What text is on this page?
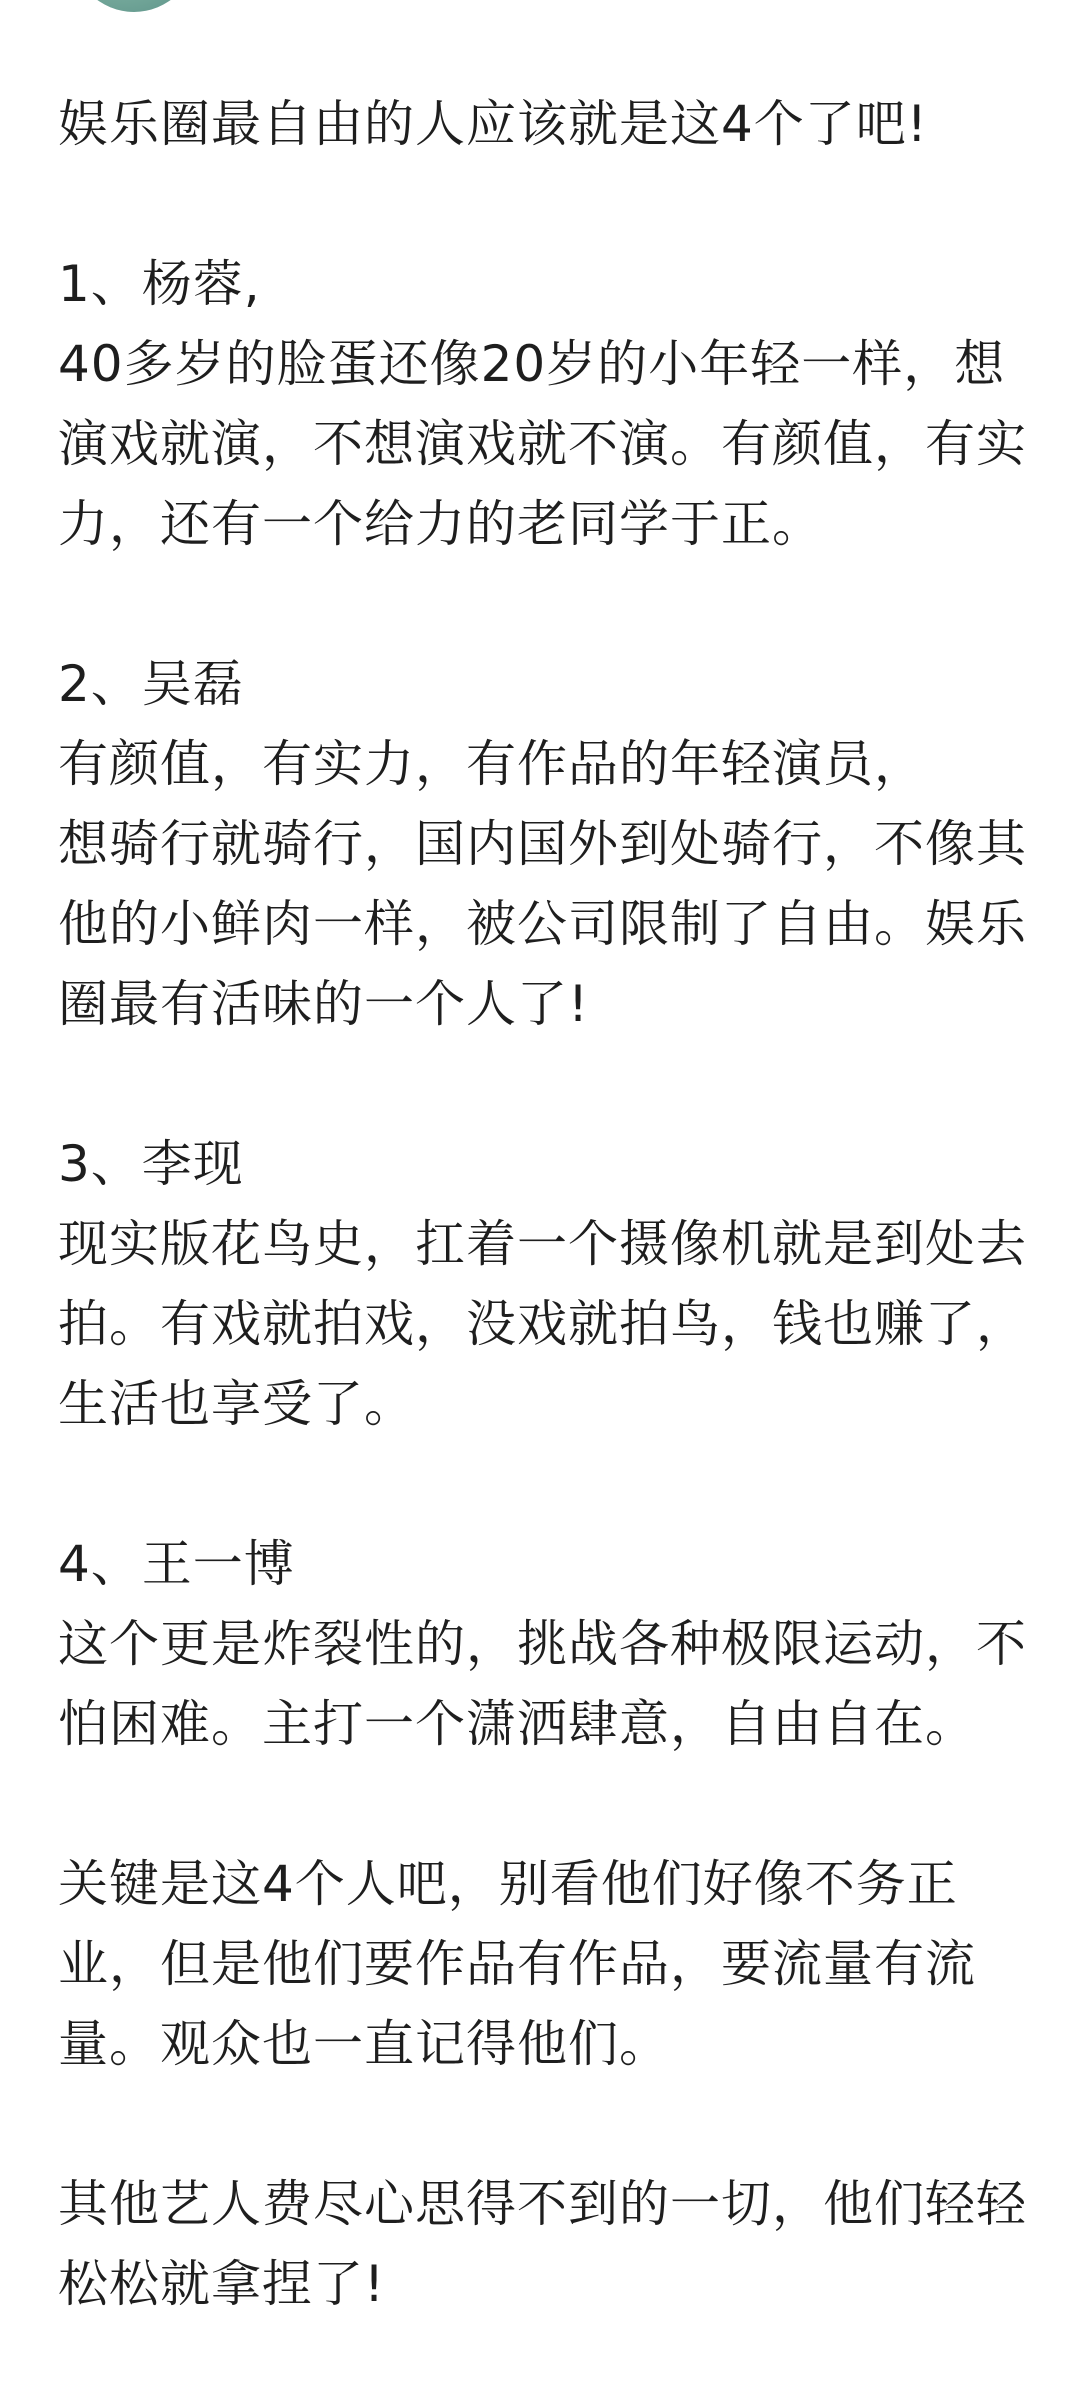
娱乐圈最自由的人应该就是这4个了吧!
1、杨蓉,
40多岁的脸蛋还像20岁的小年轻一样，想
演戏就演，不想演戏就不演。有颜值，有实
力，还有一个给力的老同学于正。
2、吴磊
有颜值，有实力，有作品的年轻演员，
想骑行就骑行，国内国外到处骑行，不像其
他的小鲜肉一样，被公司限制了自由。娱乐
圈最有活味的一个人了!
3、李现
现实版花鸟史，扛着一个摄像机就是到处去
拍。有戏就拍戏，没戏就拍鸟，钱也赚了，
生活也享受了。
4、王一博
这个更是炸裂性的，挑战各种极限运动，不
怕困难。主打一个潇洒肆意，自由自在。
关键是这4个人吧，别看他们好像不务正
业，但是他们要作品有作品，要流量有流
量。观众也一直记得他们。
其他艺人费尽心思得不到的一切，他们轻轻
松松就拿捏了!
